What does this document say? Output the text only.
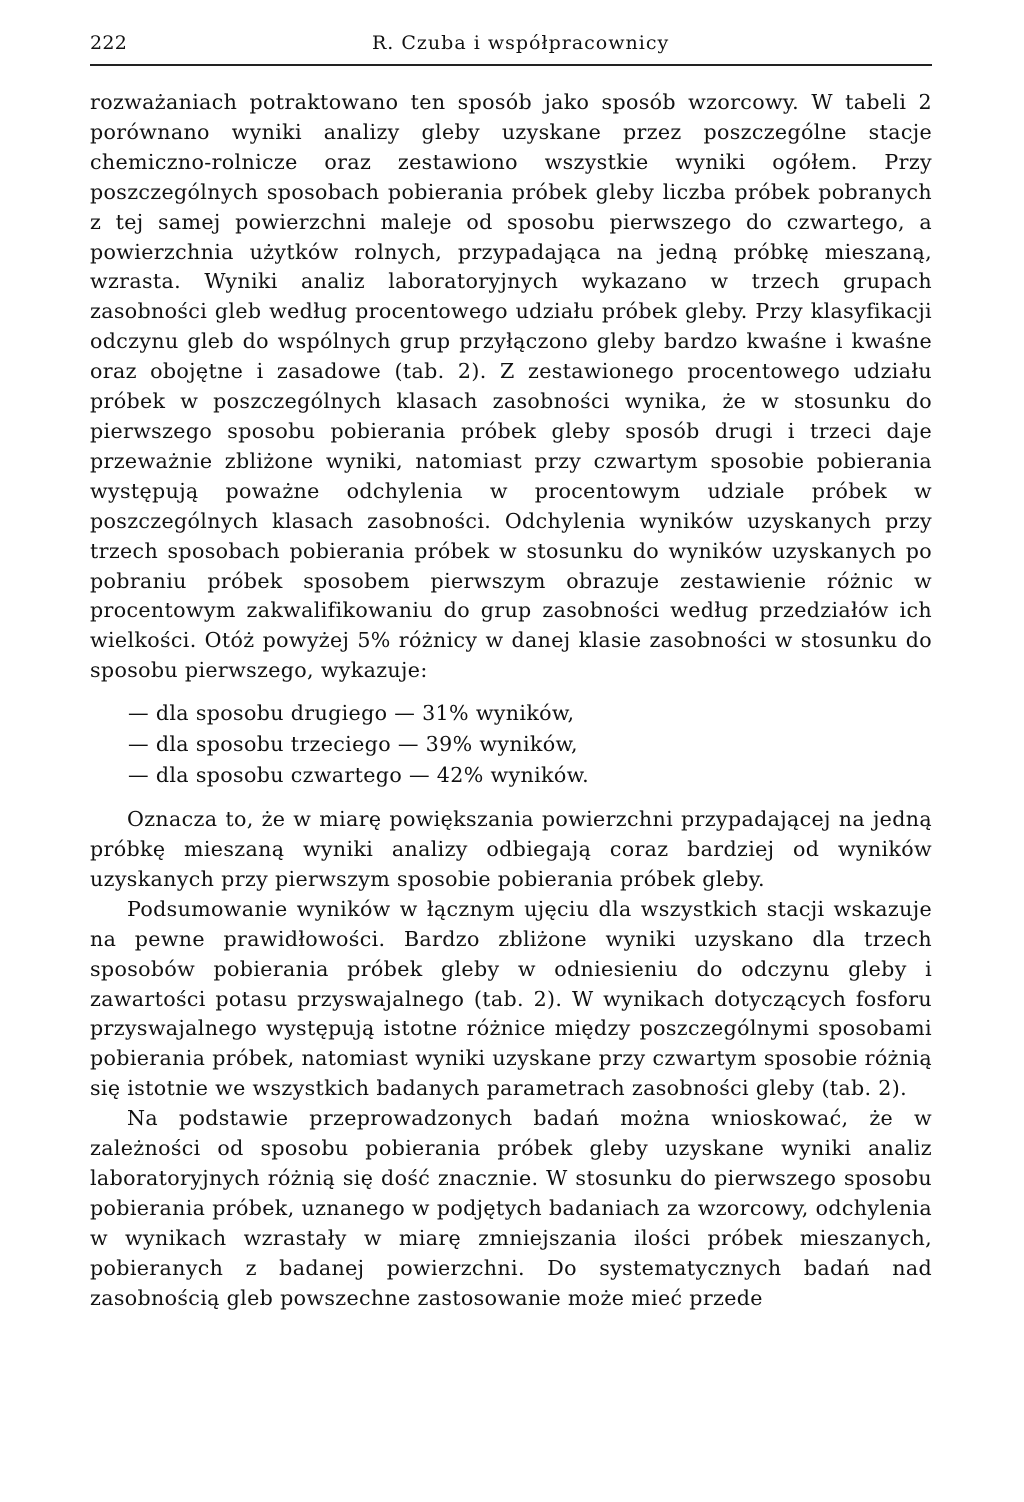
222	R. Czuba i współpracownicy

rozważaniach potraktowano ten sposób jako sposób wzorcowy. W tabeli 2 porównano wyniki analizy gleby uzyskane przez poszczególne stacje chemiczno-rolnicze oraz zestawiono wszystkie wyniki ogółem. Przy poszczególnych sposobach pobierania próbek gleby liczba próbek pobranych z tej samej powierzchni maleje od sposobu pierwszego do czwartego, a powierzchnia użytków rolnych, przypadająca na jedną próbkę mieszaną, wzrasta. Wyniki analiz laboratoryjnych wykazano w trzech grupach zasobności gleb według procentowego udziału próbek gleby. Przy klasyfikacji odczynu gleb do wspólnych grup przyłączono gleby bardzo kwaśne i kwaśne oraz obojętne i zasadowe (tab. 2). Z zestawionego procentowego udziału próbek w poszczególnych klasach zasobności wynika, że w stosunku do pierwszego sposobu pobierania próbek gleby sposób drugi i trzeci daje przeważnie zbliżone wyniki, natomiast przy czwartym sposobie pobierania występują poważne odchylenia w procentowym udziale próbek w poszczególnych klasach zasobności. Odchylenia wyników uzyskanych przy trzech sposobach pobierania próbek w stosunku do wyników uzyskanych po pobraniu próbek sposobem pierwszym obrazuje zestawienie różnic w procentowym zakwalifikowaniu do grup zasobności według przedziałów ich wielkości. Otóż powyżej 5% różnicy w danej klasie zasobności w stosunku do sposobu pierwszego, wykazuje:

— dla sposobu drugiego — 31% wyników,
— dla sposobu trzeciego — 39% wyników,
— dla sposobu czwartego — 42% wyników.

Oznacza to, że w miarę powiększania powierzchni przypadającej na jedną próbkę mieszaną wyniki analizy odbiegają coraz bardziej od wyników uzyskanych przy pierwszym sposobie pobierania próbek gleby.

Podsumowanie wyników w łącznym ujęciu dla wszystkich stacji wskazuje na pewne prawidłowości. Bardzo zbliżone wyniki uzyskano dla trzech sposobów pobierania próbek gleby w odniesieniu do odczynu gleby i zawartości potasu przyswajalnego (tab. 2). W wynikach dotyczących fosforu przyswajalnego występują istotne różnice między poszczególnymi sposobami pobierania próbek, natomiast wyniki uzyskane przy czwartym sposobie różnią się istotnie we wszystkich badanych parametrach zasobności gleby (tab. 2).

Na podstawie przeprowadzonych badań można wnioskować, że w zależności od sposobu pobierania próbek gleby uzyskane wyniki analiz laboratoryjnych różnią się dość znacznie. W stosunku do pierwszego sposobu pobierania próbek, uznanego w podjętych badaniach za wzorcowy, odchylenia w wynikach wzrastały w miarę zmniejszania ilości próbek mieszanych, pobieranych z badanej powierzchni. Do systematycznych badań nad zasobnością gleb powszechne zastosowanie może mieć przede
